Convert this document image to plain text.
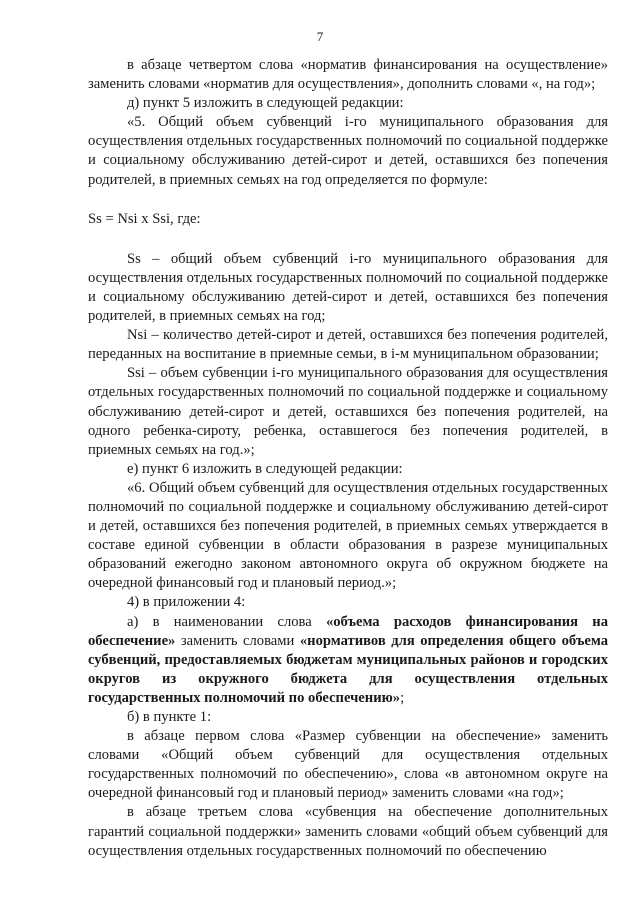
7

в абзаце четвертом слова «норматив финансирования на осуществление» заменить словами «норматив для осуществления», дополнить словами «, на год»;

д) пункт 5 изложить в следующей редакции:

«5. Общий объем субвенций i-го муниципального образования для осуществления отдельных государственных полномочий по социальной поддержке и социальному обслуживанию детей-сирот и детей, оставшихся без попечения родителей, в приемных семьях на год определяется по формуле:

Ss = Nsi x Ssi, где:

Ss – общий объем субвенций i-го муниципального образования для осуществления отдельных государственных полномочий по социальной поддержке и социальному обслуживанию детей-сирот и детей, оставшихся без попечения родителей, в приемных семьях на год;

Nsi – количество детей-сирот и детей, оставшихся без попечения родителей, переданных на воспитание в приемные семьи, в i-м муниципальном образовании;

Ssi – объем субвенции i-го муниципального образования для осуществления отдельных государственных полномочий по социальной поддержке и социальному обслуживанию детей-сирот и детей, оставшихся без попечения родителей, на одного ребенка-сироту, ребенка, оставшегося без попечения родителей, в приемных семьях на год.»;

е) пункт 6 изложить в следующей редакции:

«6. Общий объем субвенций для осуществления отдельных государственных полномочий по социальной поддержке и социальному обслуживанию детей-сирот и детей, оставшихся без попечения родителей, в приемных семьях утверждается в составе единой субвенции в области образования в разрезе муниципальных образований ежегодно законом автономного округа об окружном бюджете на очередной финансовый год и плановый период.»;

4) в приложении 4:

а) в наименовании слова «объема расходов финансирования на обеспечение» заменить словами «нормативов для определения общего объема субвенций, предоставляемых бюджетам муниципальных районов и городских округов из окружного бюджета для осуществления отдельных государственных полномочий по обеспечению»;

б) в пункте 1:

в абзаце первом слова «Размер субвенции на обеспечение» заменить словами «Общий объем субвенций для осуществления отдельных государственных полномочий по обеспечению», слова «в автономном округе на очередной финансовый год и плановый период» заменить словами «на год»;

в абзаце третьем слова «субвенция на обеспечение дополнительных гарантий социальной поддержки» заменить словами «общий объем субвенций для осуществления отдельных государственных полномочий по обеспечению
